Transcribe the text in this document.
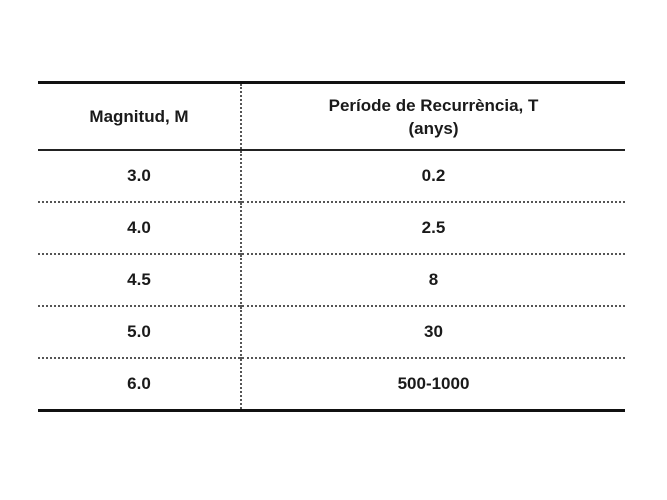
Magnitud, M	Període de Recurrència, T
(anys)

3.0	0.2
4.0	2.5
4.5	8
5.0	30
6.0	500-1000
